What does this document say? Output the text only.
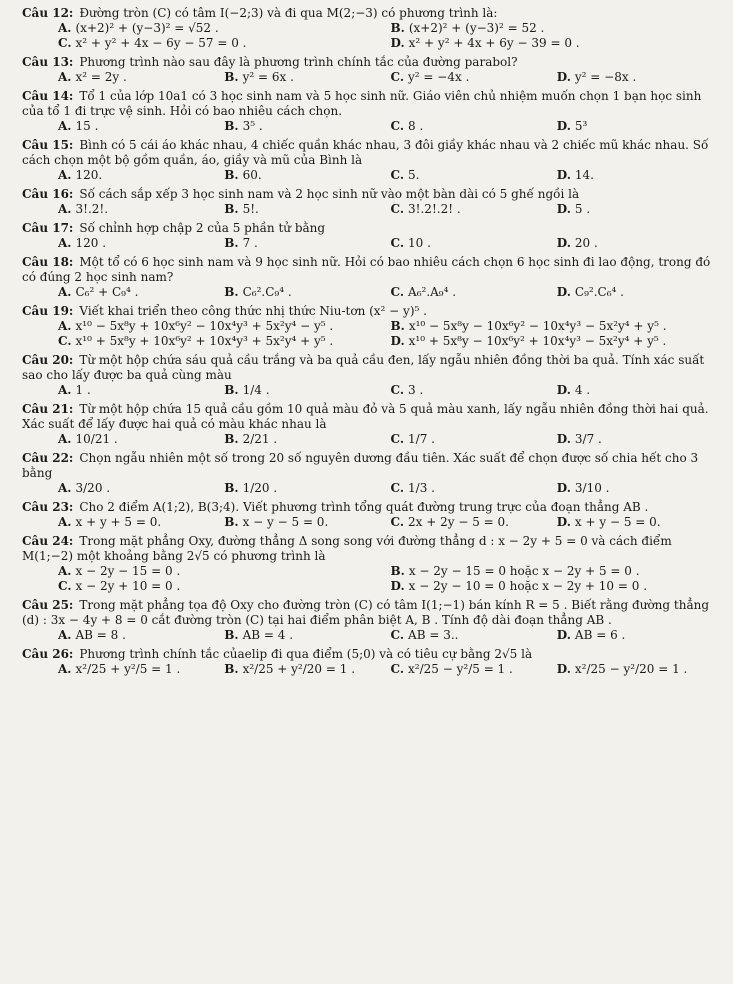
Câu 12: Đường tròn (C) có tâm I(−2;3) và đi qua M(2;−3) có phương trình là:
A. (x+2)² + (y−3)² = √52 .	B. (x+2)² + (y−3)² = 52 .
C. x² + y² + 4x − 6y − 57 = 0 .	D. x² + y² + 4x + 6y − 39 = 0 .
Câu 13: Phương trình nào sau đây là phương trình chính tắc của đường parabol?
A. x² = 2y .	B. y² = 6x .	C. y² = −4x .	D. y² = −8x .
Câu 14: Tổ 1 của lớp 10a1 có 3 học sinh nam và 5 học sinh nữ. Giáo viên chủ nhiệm muốn chọn 1 bạn học sinh của tổ 1 đi trực vệ sinh. Hỏi có bao nhiêu cách chọn.
A. 15 .	B. 3⁵ .	C. 8 .	D. 5³
Câu 15: Bình có 5 cái áo khác nhau, 4 chiếc quần khác nhau, 3 đôi giầy khác nhau và 2 chiếc mũ khác nhau. Số cách chọn một bộ gồm quần, áo, giầy và mũ của Bình là
A. 120.	B. 60.	C. 5.	D. 14.
Câu 16: Số cách sắp xếp 3 học sinh nam và 2 học sinh nữ vào một bàn dài có 5 ghế ngồi là
A. 3!.2!.	B. 5!.	C. 3!.2!.2! .	D. 5 .
Câu 17: Số chỉnh hợp chập 2 của 5 phần tử bằng
A. 120 .	B. 7 .	C. 10 .	D. 20 .
Câu 18: Một tổ có 6 học sinh nam và 9 học sinh nữ. Hỏi có bao nhiêu cách chọn 6 học sinh đi lao động, trong đó có đúng 2 học sinh nam?
A. C₆² + C₉⁴ .	B. C₆².C₉⁴ .	C. A₆².A₉⁴ .	D. C₉².C₆⁴ .
Câu 19: Viết khai triển theo công thức nhị thức Niu-tơn (x² − y)⁵ .
A. x¹⁰ − 5x⁸y + 10x⁶y² − 10x⁴y³ + 5x²y⁴ − y⁵ .	B. x¹⁰ − 5x⁸y − 10x⁶y² − 10x⁴y³ − 5x²y⁴ + y⁵ .
C. x¹⁰ + 5x⁸y + 10x⁶y² + 10x⁴y³ + 5x²y⁴ + y⁵ .	D. x¹⁰ + 5x⁸y − 10x⁶y² + 10x⁴y³ − 5x²y⁴ + y⁵ .
Câu 20: Từ một hộp chứa sáu quả cầu trắng và ba quả cầu đen, lấy ngẫu nhiên đồng thời ba quả. Tính xác suất sao cho lấy được ba quả cùng màu
A. 1 .	B. 1/4 .	C. 3 .	D. 4 .
Câu 21: Từ một hộp chứa 15 quả cầu gồm 10 quả màu đỏ và 5 quả màu xanh, lấy ngẫu nhiên đồng thời hai quả. Xác suất để lấy được hai quả có màu khác nhau là
A. 10/21 .	B. 2/21 .	C. 1/7 .	D. 3/7 .
Câu 22: Chọn ngẫu nhiên một số trong 20 số nguyên dương đầu tiên. Xác suất để chọn được số chia hết cho 3 bằng
A. 3/20 .	B. 1/20 .	C. 1/3 .	D. 3/10 .
Câu 23: Cho 2 điểm A(1;2), B(3;4). Viết phương trình tổng quát đường trung trực của đoạn thẳng AB .
A. x + y + 5 = 0.	B. x − y − 5 = 0.	C. 2x + 2y − 5 = 0.	D. x + y − 5 = 0.
Câu 24: Trong mặt phẳng Oxy, đường thẳng Δ song song với đường thẳng d : x − 2y + 5 = 0 và cách điểm M(1;−2) một khoảng bằng 2√5 có phương trình là
A. x − 2y − 15 = 0 .	B. x − 2y − 15 = 0 hoặc x − 2y + 5 = 0 .
C. x − 2y + 10 = 0 .	D. x − 2y − 10 = 0 hoặc x − 2y + 10 = 0 .
Câu 25: Trong mặt phẳng tọa độ Oxy cho đường tròn (C) có tâm I(1;−1) bán kính R = 5 . Biết rằng đường thẳng (d) : 3x − 4y + 8 = 0 cắt đường tròn (C) tại hai điểm phân biệt A, B . Tính độ dài đoạn thẳng AB .
A. AB = 8 .	B. AB = 4 .	C. AB = 3..	D. AB = 6 .
Câu 26: Phương trình chính tắc củaelip đi qua điểm (5;0) và có tiêu cự bằng 2√5 là
A. x²/25 + y²/5 = 1 .	B. x²/25 + y²/20 = 1 .	C. x²/25 − y²/5 = 1 .	D. x²/25 − y²/20 = 1 .
